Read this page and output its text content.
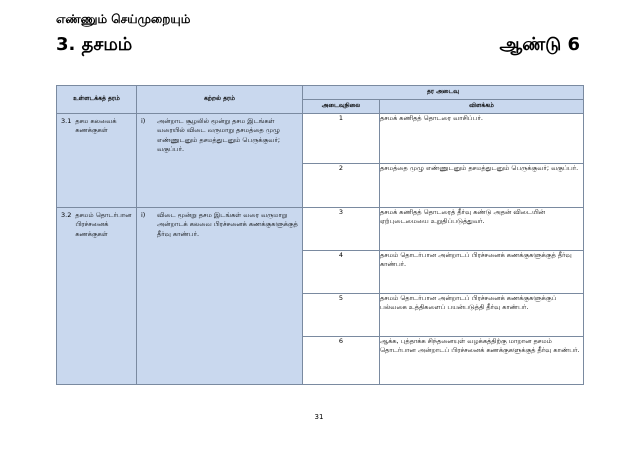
எண்ணும் செய்முறையும்
3. தசமம்	ஆண்டு 6
உள்ளடக்கத் தரம்	கற்றல் தரம்	தர அடைவு	
		அடைவுநிலை	விளக்கம்

3.1 தசம கலவைக் கணக்குகள்	i) அன்றாட சூழலில் மூன்று தசம இடங்கள் வரையில் விடை வருமாறு தசமத்தை முழு எண்ணுடனும் தசமத்துடனும் பெருக்குவர்; வகுப்பர்.	1	தசமக் கணிதத் தொடரை வாசிப்பர்.
		2	தசமத்தை முழு எண்ணுடனும் தசமத்துடனும் பெருக்குவர்; வகுப்பர்.

3.2 தசமம் தொடர்பான பிரச்சனைக் கணக்குகள்	i) விடை மூன்று தசம இடங்கள் வரை வருமாறு அன்றாடக் கலவை பிரச்சனைக் கணக்குகளுக்குத் தீர்வு காண்பர்.	3	தசமக் கணிதத் தொடரைத் தீர்வு கண்டு அதன் விடையின் ஏற்புடைமையை உறுதிப்படுத்துவர்.
		4	தசமம் தொடர்பான அன்றாடப் பிரச்சனைக் கணக்குகளுக்குத் தீர்வு காண்பர்.
		5	தசமம் தொடர்பான அன்றாடப் பிரச்சனைக் கணக்குகளுக்குப் பல்வகை உத்திகளைப் பயன்படுத்தி தீர்வு காண்பர்.
		6	ஆக்க, புத்தாக்க சிந்தனையுள் வழக்கத்திற்கு மாறான தசமம் தொடர்பான அன்றாடப் பிரச்சனைக் கணக்குகளுக்குத் தீர்வு காண்பர்.
31
